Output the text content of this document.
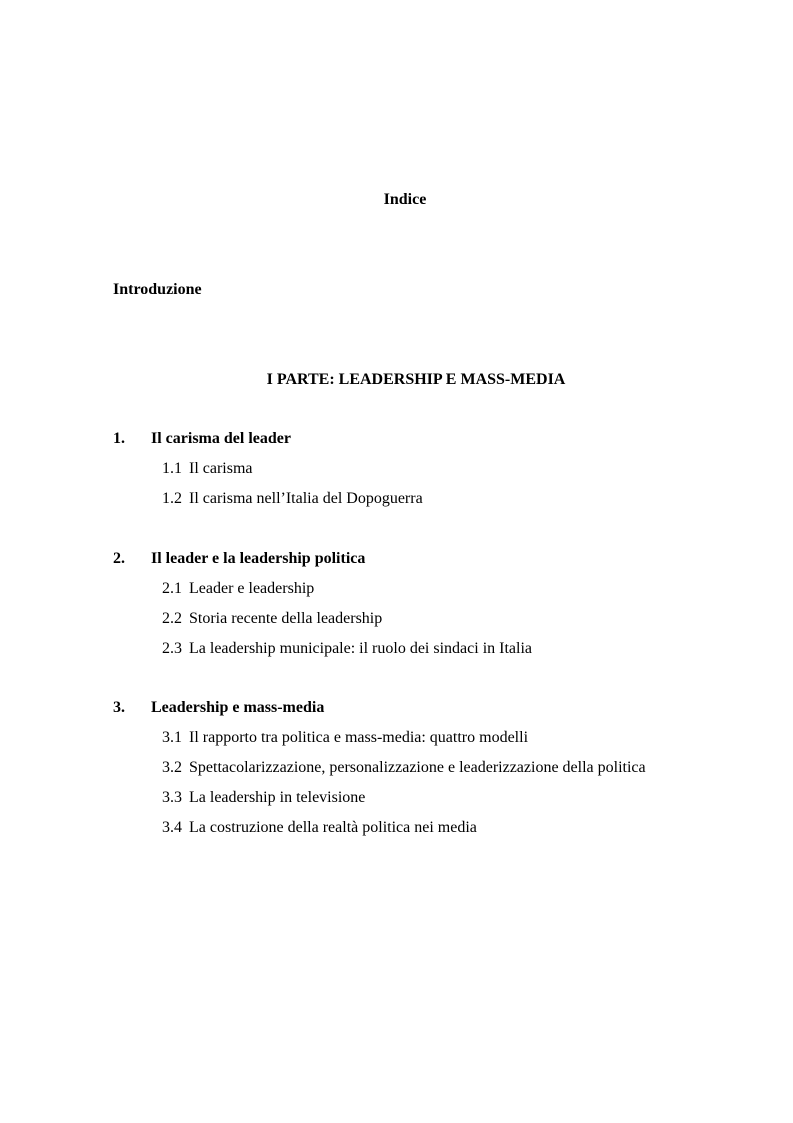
Indice
Introduzione
I PARTE: LEADERSHIP E MASS-MEDIA
1.	Il carisma del leader
1.1 Il carisma
1.2 Il carisma nell’Italia del Dopoguerra
2.	Il leader e la leadership politica
2.1 Leader e leadership
2.2 Storia recente della leadership
2.3 La leadership municipale: il ruolo dei sindaci in Italia
3.	Leadership e mass-media
3.1 Il rapporto tra politica e mass-media: quattro modelli
3.2 Spettacolarizzazione, personalizzazione e leaderizzazione della politica
3.3 La leadership in televisione
3.4 La costruzione della realtà politica nei media
